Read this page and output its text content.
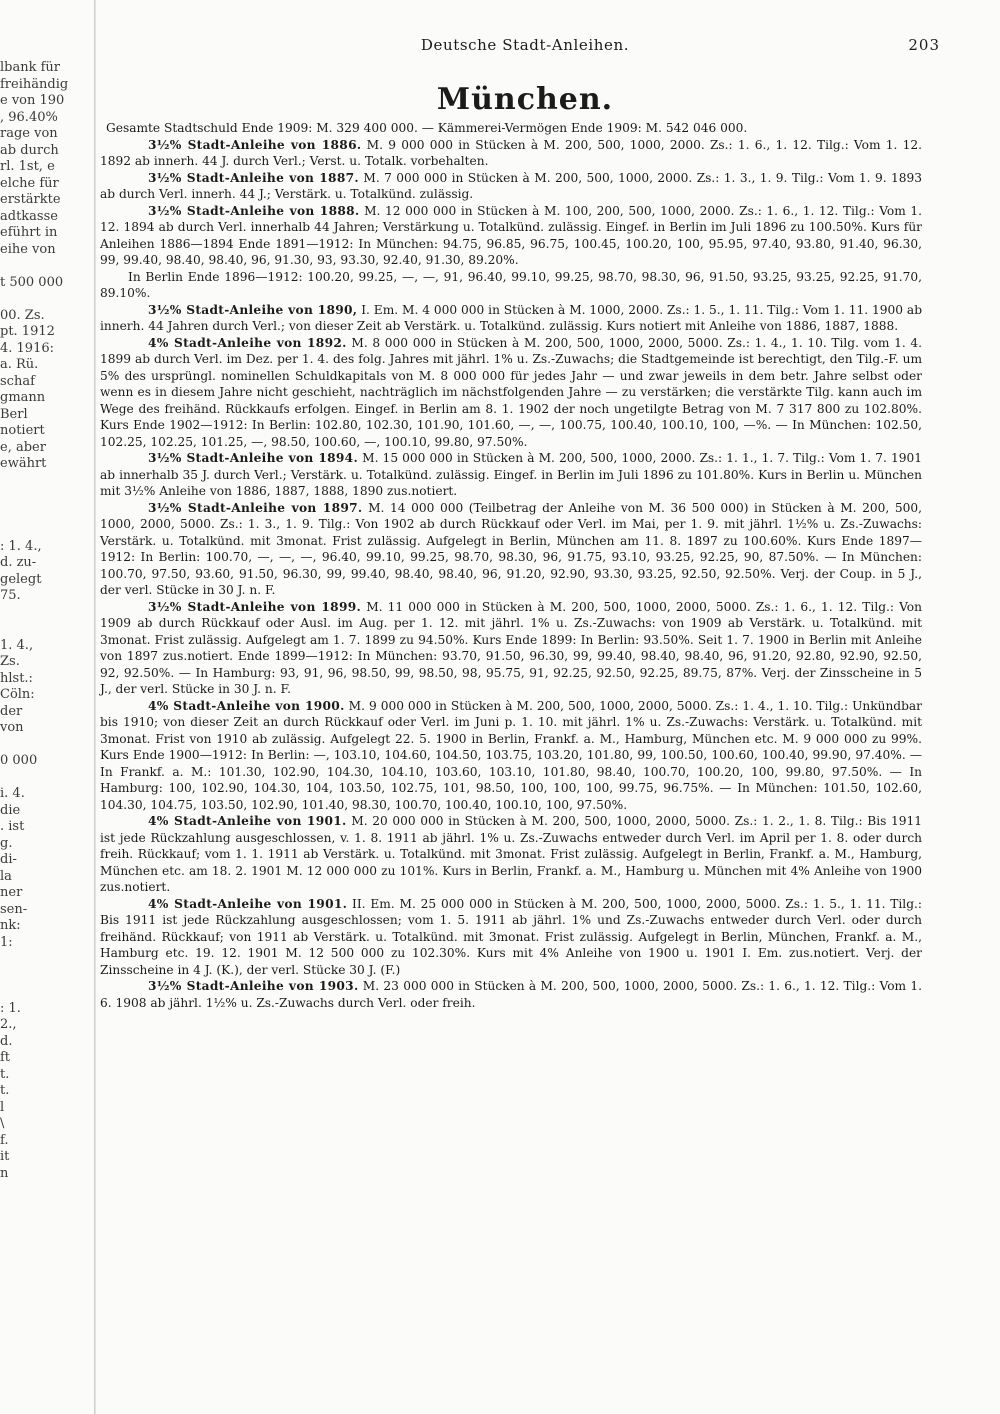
lbank für
freihändig
e von 190
, 96.40%
rage von
ab durch
rl. 1st, e
elche für
erstärkte
adtkasse
eführt in
eihe von
t 500 000
00. Zs.
pt. 1912
4. 1916:
a. Rü.
schaf
gmann
Berl
notiert
e, aber
ewährt
: 1. 4.,
d. zu-
gelegt
75.
1. 4.,
Zs.
hlst.:
Cöln:
der
von
0 000
i. 4.
die
. ist
g.
di-
la
ner
sen-
nk:
1:
: 1.
2.,
d.
ft
t.
t.
l
\
f.
it
n
Deutsche Stadt-Anleihen.	203
München.

Gesamte Stadtschuld Ende 1909: M. 329 400 000. — Kämmerei-Vermögen Ende 1909: M. 542 046 000.

3½% Stadt-Anleihe von 1886. M. 9 000 000 in Stücken à M. 200, 500, 1000, 2000. Zs.: 1. 6., 1. 12. Tilg.: Vom 1. 12. 1892 ab innerh. 44 J. durch Verl.; Verst. u. Totalk. vorbehalten.

3½% Stadt-Anleihe von 1887. M. 7 000 000 in Stücken à M. 200, 500, 1000, 2000. Zs.: 1. 3., 1. 9. Tilg.: Vom 1. 9. 1893 ab durch Verl. innerh. 44 J.; Verstärk. u. Totalkünd. zulässig.

3½% Stadt-Anleihe von 1888. M. 12 000 000 in Stücken à M. 100, 200, 500, 1000, 2000. Zs.: 1. 6., 1. 12. Tilg.: Vom 1. 12. 1894 ab durch Verl. innerhalb 44 Jahren; Verstärkung u. Totalkünd. zulässig. Eingef. in Berlin im Juli 1896 zu 100.50%. Kurs für Anleihen 1886—1894 Ende 1891—1912: In München: 94.75, 96.85, 96.75, 100.45, 100.20, 100, 95.95, 97.40, 93.80, 91.40, 96.30, 99, 99.40, 98.40, 98.40, 96, 91.30, 93, 93.30, 92.40, 91.30, 89.20%.

In Berlin Ende 1896—1912: 100.20, 99.25, —, —, 91, 96.40, 99.10, 99.25, 98.70, 98.30, 96, 91.50, 93.25, 93.25, 92.25, 91.70, 89.10%.

3½% Stadt-Anleihe von 1890, I. Em. M. 4 000 000 in Stücken à M. 1000, 2000. Zs.: 1. 5., 1. 11. Tilg.: Vom 1. 11. 1900 ab innerh. 44 Jahren durch Verl.; von dieser Zeit ab Verstärk. u. Totalkünd. zulässig. Kurs notiert mit Anleihe von 1886, 1887, 1888.

4% Stadt-Anleihe von 1892. M. 8 000 000 in Stücken à M. 200, 500, 1000, 2000, 5000. Zs.: 1. 4., 1. 10. Tilg. vom 1. 4. 1899 ab durch Verl. im Dez. per 1. 4. des folg. Jahres mit jährl. 1% u. Zs.-Zuwachs; die Stadtgemeinde ist berechtigt, den Tilg.-F. um 5% des ursprüngl. nominellen Schuldkapitals von M. 8 000 000 für jedes Jahr — und zwar jeweils in dem betr. Jahre selbst oder wenn es in diesem Jahre nicht geschieht, nachträglich im nächstfolgenden Jahre — zu verstärken; die verstärkte Tilg. kann auch im Wege des freihänd. Rückkaufs erfolgen. Eingef. in Berlin am 8. 1. 1902 der noch ungetilgte Betrag von M. 7 317 800 zu 102.80%. Kurs Ende 1902—1912: In Berlin: 102.80, 102.30, 101.90, 101.60, —, —, 100.75, 100.40, 100.10, 100, —%. — In München: 102.50, 102.25, 102.25, 101.25, —, 98.50, 100.60, —, 100.10, 99.80, 97.50%.

3½% Stadt-Anleihe von 1894. M. 15 000 000 in Stücken à M. 200, 500, 1000, 2000. Zs.: 1. 1., 1. 7. Tilg.: Vom 1. 7. 1901 ab innerhalb 35 J. durch Verl.; Verstärk. u. Totalkünd. zulässig. Eingef. in Berlin im Juli 1896 zu 101.80%. Kurs in Berlin u. München mit 3½% Anleihe von 1886, 1887, 1888, 1890 zus.notiert.

3½% Stadt-Anleihe von 1897. M. 14 000 000 (Teilbetrag der Anleihe von M. 36 500 000) in Stücken à M. 200, 500, 1000, 2000, 5000. Zs.: 1. 3., 1. 9. Tilg.: Von 1902 ab durch Rückkauf oder Verl. im Mai, per 1. 9. mit jährl. 1½% u. Zs.-Zuwachs: Verstärk. u. Totalkünd. mit 3monat. Frist zulässig. Aufgelegt in Berlin, München am 11. 8. 1897 zu 100.60%. Kurs Ende 1897—1912: In Berlin: 100.70, —, —, —, 96.40, 99.10, 99.25, 98.70, 98.30, 96, 91.75, 93.10, 93.25, 92.25, 90, 87.50%. — In München: 100.70, 97.50, 93.60, 91.50, 96.30, 99, 99.40, 98.40, 98.40, 96, 91.20, 92.90, 93.30, 93.25, 92.50, 92.50%. Verj. der Coup. in 5 J., der verl. Stücke in 30 J. n. F.

3½% Stadt-Anleihe von 1899. M. 11 000 000 in Stücken à M. 200, 500, 1000, 2000, 5000. Zs.: 1. 6., 1. 12. Tilg.: Von 1909 ab durch Rückkauf oder Ausl. im Aug. per 1. 12. mit jährl. 1% u. Zs.-Zuwachs: von 1909 ab Verstärk. u. Totalkünd. mit 3monat. Frist zulässig. Aufgelegt am 1. 7. 1899 zu 94.50%. Kurs Ende 1899: In Berlin: 93.50%. Seit 1. 7. 1900 in Berlin mit Anleihe von 1897 zus.notiert. Ende 1899—1912: In München: 93.70, 91.50, 96.30, 99, 99.40, 98.40, 98.40, 96, 91.20, 92.80, 92.90, 92.50, 92, 92.50%. — In Hamburg: 93, 91, 96, 98.50, 99, 98.50, 98, 95.75, 91, 92.25, 92.50, 92.25, 89.75, 87%. Verj. der Zinsscheine in 5 J., der verl. Stücke in 30 J. n. F.

4% Stadt-Anleihe von 1900. M. 9 000 000 in Stücken à M. 200, 500, 1000, 2000, 5000. Zs.: 1. 4., 1. 10. Tilg.: Unkündbar bis 1910; von dieser Zeit an durch Rückkauf oder Verl. im Juni p. 1. 10. mit jährl. 1% u. Zs.-Zuwachs: Verstärk. u. Totalkünd. mit 3monat. Frist von 1910 ab zulässig. Aufgelegt 22. 5. 1900 in Berlin, Frankf. a. M., Hamburg, München etc. M. 9 000 000 zu 99%. Kurs Ende 1900—1912: In Berlin: —, 103.10, 104.60, 104.50, 103.75, 103.20, 101.80, 99, 100.50, 100.60, 100.40, 99.90, 97.40%. — In Frankf. a. M.: 101.30, 102.90, 104.30, 104.10, 103.60, 103.10, 101.80, 98.40, 100.70, 100.20, 100, 99.80, 97.50%. — In Hamburg: 100, 102.90, 104.30, 104, 103.50, 102.75, 101, 98.50, 100, 100, 100, 99.75, 96.75%. — In München: 101.50, 102.60, 104.30, 104.75, 103.50, 102.90, 101.40, 98.30, 100.70, 100.40, 100.10, 100, 97.50%.

4% Stadt-Anleihe von 1901. M. 20 000 000 in Stücken à M. 200, 500, 1000, 2000, 5000. Zs.: 1. 2., 1. 8. Tilg.: Bis 1911 ist jede Rückzahlung ausgeschlossen, v. 1. 8. 1911 ab jährl. 1% u. Zs.-Zuwachs entweder durch Verl. im April per 1. 8. oder durch freih. Rückkauf; vom 1. 1. 1911 ab Verstärk. u. Totalkünd. mit 3monat. Frist zulässig. Aufgelegt in Berlin, Frankf. a. M., Hamburg, München etc. am 18. 2. 1901 M. 12 000 000 zu 101%. Kurs in Berlin, Frankf. a. M., Hamburg u. München mit 4% Anleihe von 1900 zus.notiert.

4% Stadt-Anleihe von 1901. II. Em. M. 25 000 000 in Stücken à M. 200, 500, 1000, 2000, 5000. Zs.: 1. 5., 1. 11. Tilg.: Bis 1911 ist jede Rückzahlung ausgeschlossen; vom 1. 5. 1911 ab jährl. 1% und Zs.-Zuwachs entweder durch Verl. oder durch freihänd. Rückkauf; von 1911 ab Verstärk. u. Totalkünd. mit 3monat. Frist zulässig. Aufgelegt in Berlin, München, Frankf. a. M., Hamburg etc. 19. 12. 1901 M. 12 500 000 zu 102.30%. Kurs mit 4% Anleihe von 1900 u. 1901 I. Em. zus.notiert. Verj. der Zinsscheine in 4 J. (K.), der verl. Stücke 30 J. (F.)

3½% Stadt-Anleihe von 1903. M. 23 000 000 in Stücken à M. 200, 500, 1000, 2000, 5000. Zs.: 1. 6., 1. 12. Tilg.: Vom 1. 6. 1908 ab jährl. 1½% u. Zs.-Zuwachs durch Verl. oder freih.
